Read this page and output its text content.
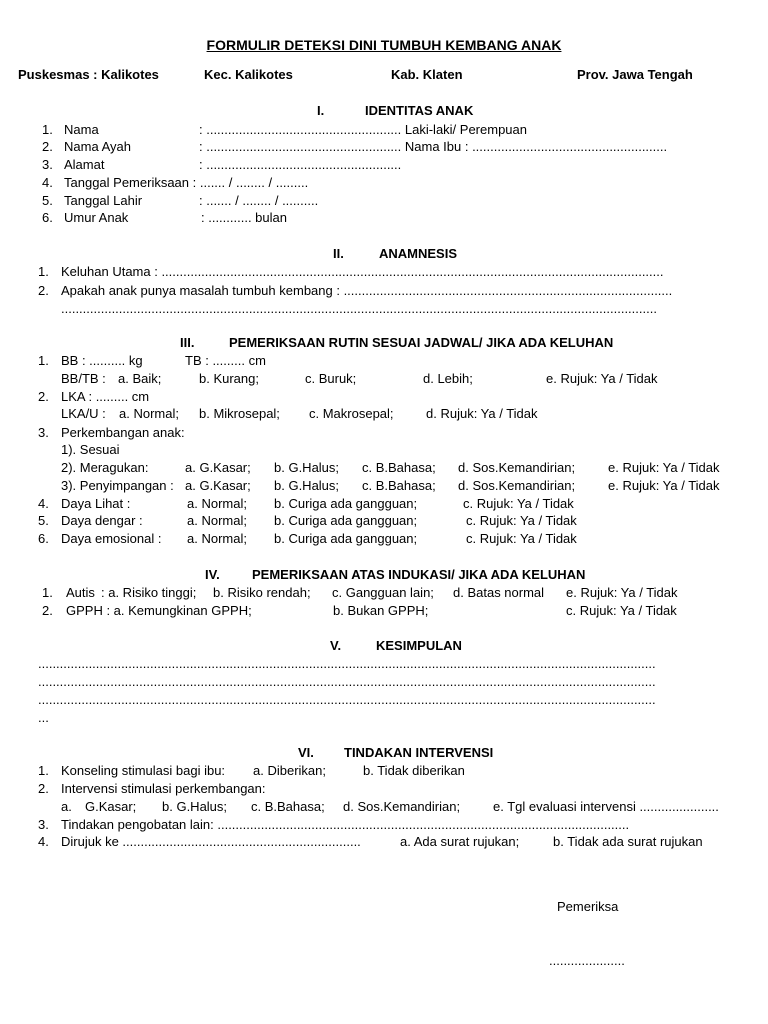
FORMULIR DETEKSI DINI TUMBUH KEMBANG ANAK
Puskesmas : Kalikotes	Kec. Kalikotes	Kab. Klaten	Prov. Jawa Tengah
I.	IDENTITAS ANAK
1. Nama	: ...................................................... Laki-laki/ Perempuan
2. Nama Ayah	: ...................................................... Nama Ibu : ......................................................
3. Alamat	: ......................................................
4. Tanggal Pemeriksaan : ....... / ........ / .........
5. Tanggal Lahir	: ....... / ........ / ..........
6. Umur Anak	: ............ bulan
II.	ANAMNESIS
1. Keluhan Utama : ...........................................................................................................................................
2. Apakah anak punya masalah tumbuh kembang : ...........................................................................................
.....................................................................................................................................................................
III.	PEMERIKSAAN RUTIN SESUAI JADWAL/ JIKA ADA KELUHAN
1. BB : .......... kg	TB : ......... cm
BB/TB : a. Baik;	b. Kurang;	c. Buruk;	d. Lebih;	e. Rujuk: Ya / Tidak
2. LKA : ......... cm
LKA/U : a. Normal; b. Mikrosepal; c. Makrosepal; d. Rujuk: Ya / Tidak
3. Perkembangan anak:
1). Sesuai
2). Meragukan:	a. G.Kasar; b. G.Halus; c. B.Bahasa; d. Sos.Kemandirian;	e. Rujuk: Ya / Tidak
3). Penyimpangan : a. G.Kasar; b. G.Halus; c. B.Bahasa; d. Sos.Kemandirian;	e. Rujuk: Ya / Tidak
4. Daya Lihat :	a. Normal; b. Curiga ada gangguan;	c. Rujuk: Ya / Tidak
5. Daya dengar :	a. Normal; b. Curiga ada gangguan;	c. Rujuk: Ya / Tidak
6. Daya emosional : a. Normal; b. Curiga ada gangguan;	c. Rujuk: Ya / Tidak
IV. PEMERIKSAAN ATAS INDUKASI/ JIKA ADA KELUHAN
1. Autis : a. Risiko tinggi; b. Risiko rendah; c. Gangguan lain; d. Batas normal e. Rujuk: Ya / Tidak
2. GPPH : a. Kemungkinan GPPH;	b. Bukan GPPH;	c. Rujuk: Ya / Tidak
V.	KESIMPULAN
...........................................................................................................................................................................
...........................................................................................................................................................................
...........................................................................................................................................................................
...
VI. TINDAKAN INTERVENSI
1. Konseling stimulasi bagi ibu: a. Diberikan;	b. Tidak diberikan
2. Intervensi stimulasi perkembangan:
a. G.Kasar; b. G.Halus; c. B.Bahasa; d. Sos.Kemandirian;	e. Tgl evaluasi intervensi ......................
3. Tindakan pengobatan lain: ..................................................................................................................
4. Dirujuk ke ..................................................................	a. Ada surat rujukan;	b. Tidak ada surat rujukan
Pemeriksa
.....................
